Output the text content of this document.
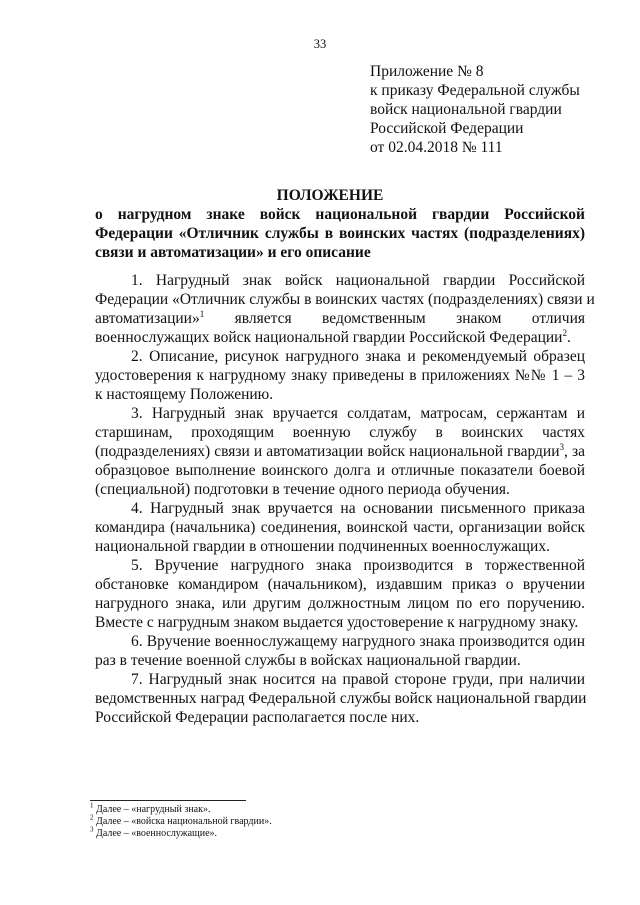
33
Приложение № 8
к приказу Федеральной службы
войск национальной гвардии
Российской Федерации
от 02.04.2018 № 111
ПОЛОЖЕНИЕ
о нагрудном знаке войск национальной гвардии Российской
Федерации «Отличник службы в воинских частях (подразделениях)
связи и автоматизации» и его описание
1. Нагрудный знак войск национальной гвардии Российской
Федерации «Отличник службы в воинских частях (подразделениях) связи и
автоматизации»$^1$ является ведомственным знаком отличия
военнослужащих войск национальной гвардии Российской Федерации$^2$.
2. Описание, рисунок нагрудного знака и рекомендуемый образец
удостоверения к нагрудному знаку приведены в приложениях №№ 1 – 3
к настоящему Положению.
3. Нагрудный знак вручается солдатам, матросам, сержантам и
старшинам, проходящим военную службу в воинских частях
(подразделениях) связи и автоматизации войск национальной гвардии$^3$, за
образцовое выполнение воинского долга и отличные показатели боевой
(специальной) подготовки в течение одного периода обучения.
4. Нагрудный знак вручается на основании письменного приказа
командира (начальника) соединения, воинской части, организации войск
национальной гвардии в отношении подчиненных военнослужащих.
5. Вручение нагрудного знака производится в торжественной
обстановке командиром (начальником), издавшим приказ о вручении
нагрудного знака, или другим должностным лицом по его поручению.
Вместе с нагрудным знаком выдается удостоверение к нагрудному знаку.
6. Вручение военнослужащему нагрудного знака производится один
раз в течение военной службы в войсках национальной гвардии.
7. Нагрудный знак носится на правой стороне груди, при наличии
ведомственных наград Федеральной службы войск национальной гвардии
Российской Федерации располагается после них.
$^1$ Далее – «нагрудный знак».
$^2$ Далее – «войска национальной гвардии».
$^3$ Далее – «военнослужащие».
